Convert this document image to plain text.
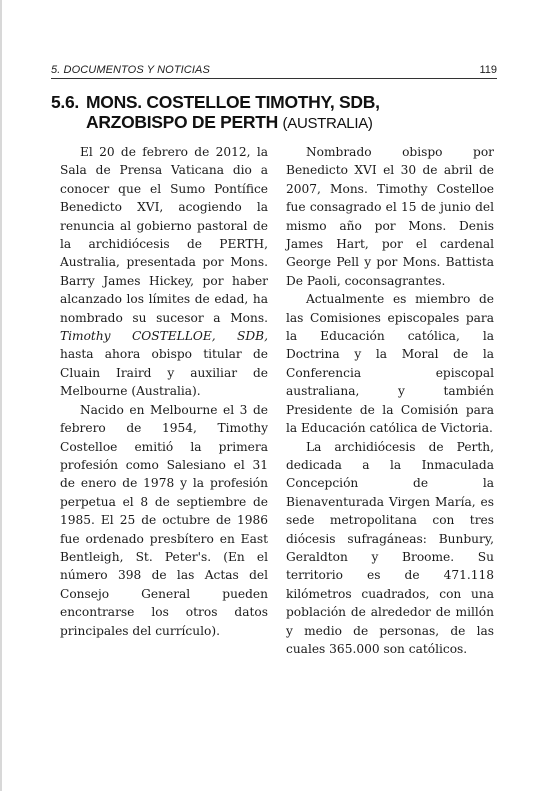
5. DOCUMENTOS Y NOTICIAS	119
5.6. MONS. COSTELLOE TIMOTHY, SDB,
ARZOBISPO DE PERTH (AUSTRALIA)

El 20 de febrero de 2012, la Sala de Prensa Vaticana dio a conocer que el Sumo Pontífice Benedicto XVI, acogiendo la renuncia al gobierno pastoral de la archidiócesis de PERTH, Australia, presentada por Mons. Barry James Hickey, por haber alcanzado los límites de edad, ha nombrado su sucesor a Mons. Timothy COSTELLOE, SDB, hasta ahora obispo titular de Cluain Iraird y auxiliar de Melbourne (Australia).

Nacido en Melbourne el 3 de febrero de 1954, Timothy Costelloe emitió la primera profesión como Salesiano el 31 de enero de 1978 y la profesión perpetua el 8 de septiembre de 1985. El 25 de octubre de 1986 fue ordenado presbítero en East Bentleigh, St. Peter's. (En el número 398 de las Actas del Consejo General pueden encontrarse los otros datos principales del currículo).

Nombrado obispo por Benedicto XVI el 30 de abril de 2007, Mons. Timothy Costelloe fue consagrado el 15 de junio del mismo año por Mons. Denis James Hart, por el cardenal George Pell y por Mons. Battista De Paoli, coconsagrantes.

Actualmente es miembro de las Comisiones episcopales para la Educación católica, la Doctrina y la Moral de la Conferencia episcopal australiana, y también Presidente de la Comisión para la Educación católica de Victoria.

La archidiócesis de Perth, dedicada a la Inmaculada Concepción de la Bienaventurada Virgen María, es sede metropolitana con tres diócesis sufragáneas: Bunbury, Geraldton y Broome. Su territorio es de 471.118 kilómetros cuadrados, con una población de alrededor de millón y medio de personas, de las cuales 365.000 son católicos.
